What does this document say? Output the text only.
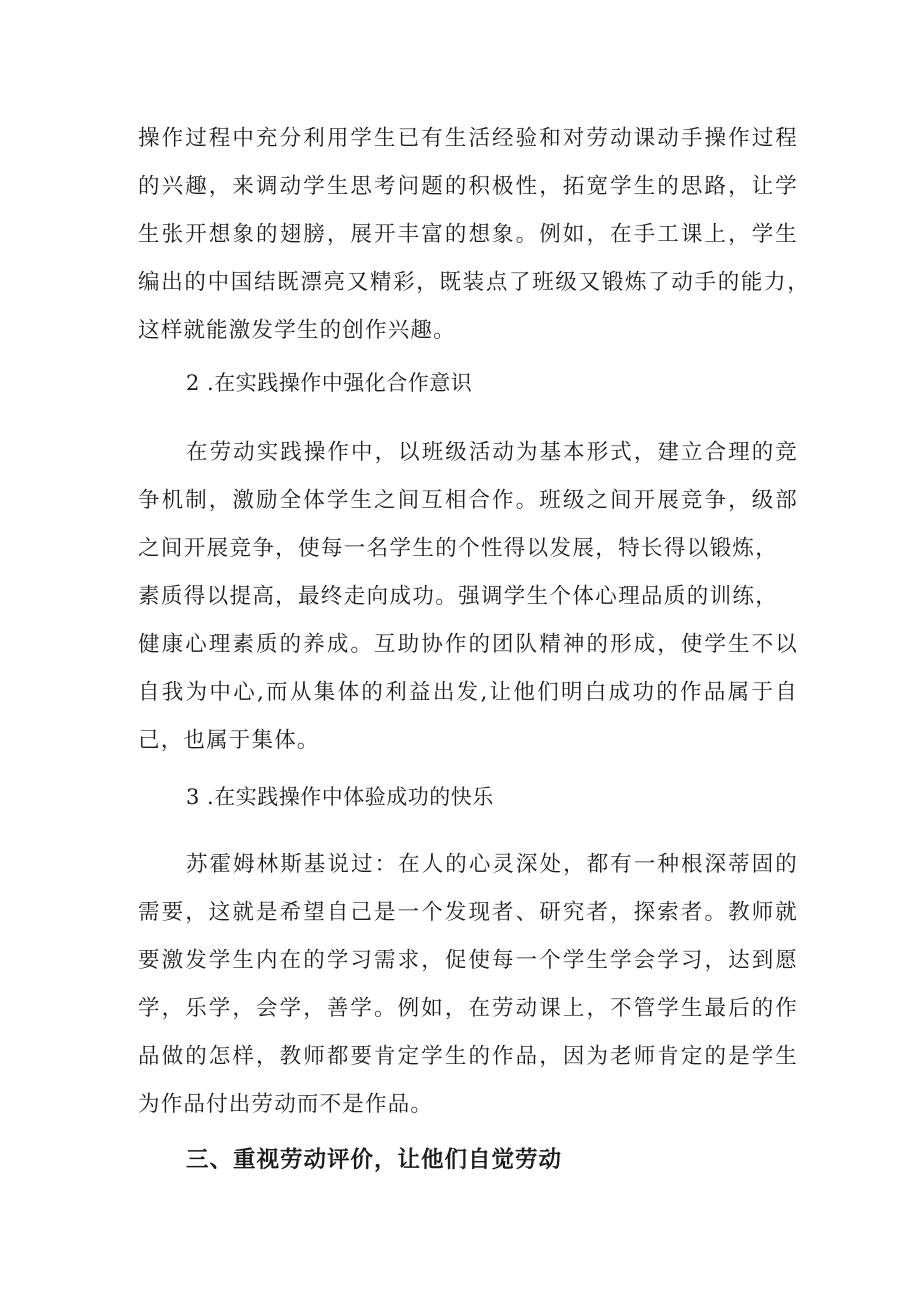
操作过程中充分利用学生已有生活经验和对劳动课动手操作过程
的兴趣，来调动学生思考问题的积极性，拓宽学生的思路，让学
生张开想象的翅膀，展开丰富的想象。例如，在手工课上，学生
编出的中国结既漂亮又精彩，既装点了班级又锻炼了动手的能力，
这样就能激发学生的创作兴趣。
2 .在实践操作中强化合作意识
在劳动实践操作中，以班级活动为基本形式，建立合理的竞
争机制，激励全体学生之间互相合作。班级之间开展竞争，级部
之间开展竞争，使每一名学生的个性得以发展，特长得以锻炼，
素质得以提高，最终走向成功。强调学生个体心理品质的训练，
健康心理素质的养成。互助协作的团队精神的形成，使学生不以
自我为中心,而从集体的利益出发,让他们明白成功的作品属于自
己，也属于集体。
3 .在实践操作中体验成功的快乐
苏霍姆林斯基说过：在人的心灵深处，都有一种根深蒂固的
需要，这就是希望自己是一个发现者、研究者，探索者。教师就
要激发学生内在的学习需求，促使每一个学生学会学习，达到愿
学，乐学，会学，善学。例如，在劳动课上，不管学生最后的作
品做的怎样，教师都要肯定学生的作品，因为老师肯定的是学生
为作品付出劳动而不是作品。
三、重视劳动评价，让他们自觉劳动
